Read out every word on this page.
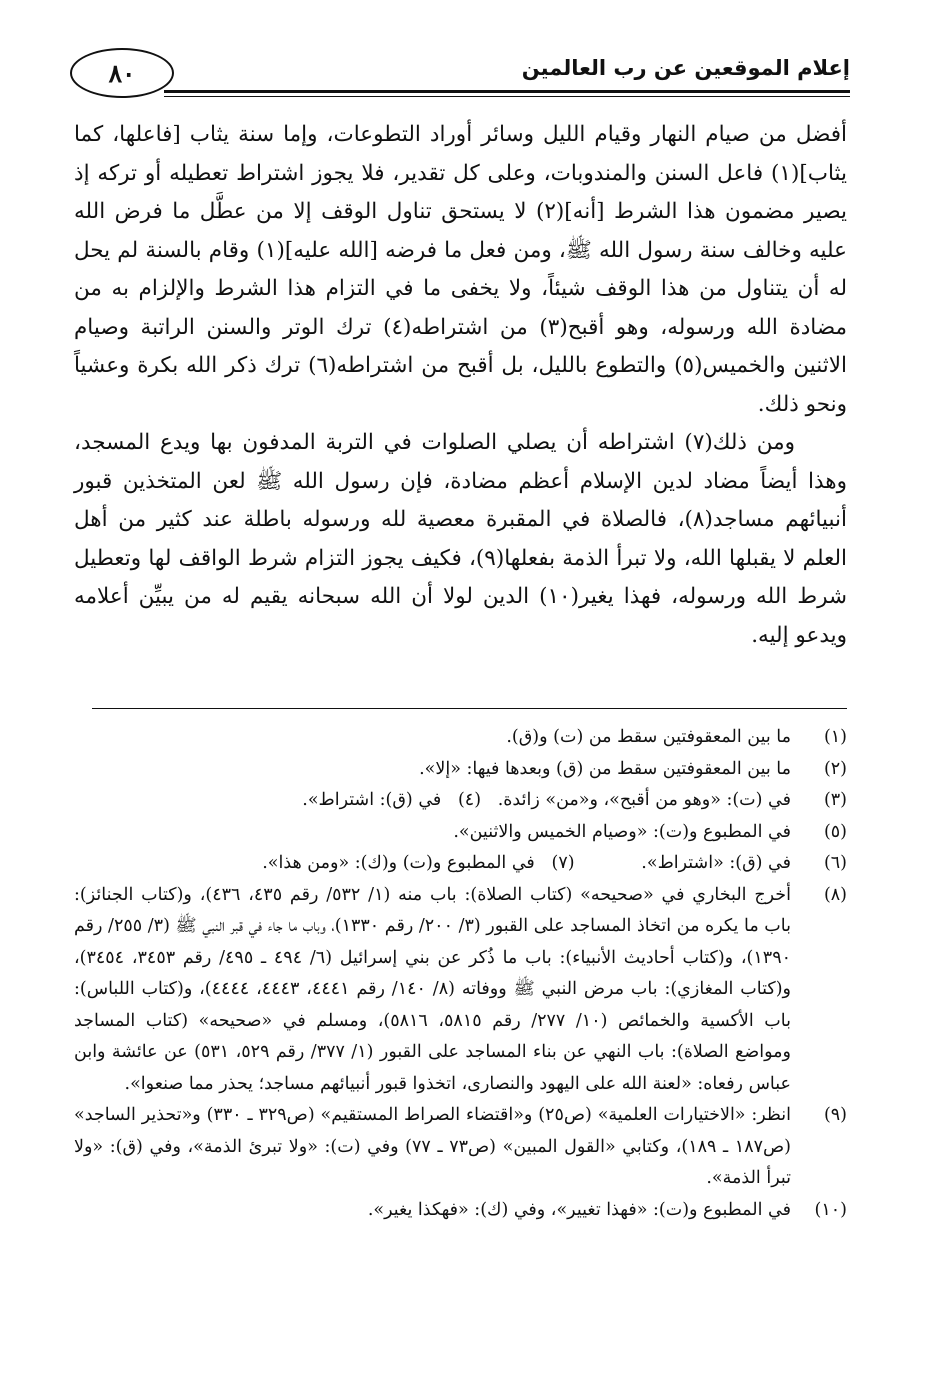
٨٠	إعلام الموقعين عن رب العالمين

أفضل من صيام النهار وقيام الليل وسائر أوراد التطوعات، وإما سنة يثاب [فاعلها، كما يثاب](١) فاعل السنن والمندوبات، وعلى كل تقدير، فلا يجوز اشتراط تعطيله أو تركه إذ يصير مضمون هذا الشرط [أنه](٢) لا يستحق تناول الوقف إلا من عطَّل ما فرض الله عليه وخالف سنة رسول الله ﷺ، ومن فعل ما فرضه [الله عليه](١) وقام بالسنة لم يحل له أن يتناول من هذا الوقف شيئاً، ولا يخفى ما في التزام هذا الشرط والإلزام به من مضادة الله ورسوله، وهو أقبح(٣) من اشتراطه(٤) ترك الوتر والسنن الراتبة وصيام الاثنين والخميس(٥) والتطوع بالليل، بل أقبح من اشتراطه(٦) ترك ذكر الله بكرة وعشياً ونحو ذلك.

ومن ذلك(٧) اشتراطه أن يصلي الصلوات في التربة المدفون بها ويدع المسجد، وهذا أيضاً مضاد لدين الإسلام أعظم مضادة، فإن رسول الله ﷺ لعن المتخذين قبور أنبيائهم مساجد(٨)، فالصلاة في المقبرة معصية لله ورسوله باطلة عند كثير من أهل العلم لا يقبلها الله، ولا تبرأ الذمة بفعلها(٩)، فكيف يجوز التزام شرط الواقف لها وتعطيل شرط الله ورسوله، فهذا يغير(١٠) الدين لولا أن الله سبحانه يقيم له من يبيِّن أعلامه ويدعو إليه.

(١)
ما بين المعقوفتين سقط من (ت) و(ق).
(٢)
ما بين المعقوفتين سقط من (ق) وبعدها فيها: «إلا».
(٣)
في (ت): «وهو من أقبح»، و«من» زائدة.   (٤)   في (ق): اشتراط».
(٥)
في المطبوع و(ت): «وصيام الخميس والاثنين».
(٦)
في (ق): «اشتراط».            (٧)   في المطبوع و(ت) و(ك): «ومن هذا».
(٨)
أخرج البخاري في «صحيحه» (كتاب الصلاة): باب منه (١/ ٥٣٢/ رقم ٤٣٥، ٤٣٦)، و(كتاب الجنائز): باب ما يكره من اتخاذ المساجد على القبور (٣/ ٢٠٠/ رقم ١٣٣٠)، وباب ما جاء في قبر النبي ﷺ (٣/ ٢٥٥/ رقم ١٣٩٠)، و(كتاب أحاديث الأنبياء): باب ما ذُكر عن بني إسرائيل (٦/ ٤٩٤ ـ ٤٩٥/ رقم ٣٤٥٣، ٣٤٥٤)، و(كتاب المغازي): باب مرض النبي ﷺ ووفاته (٨/ ١٤٠/ رقم ٤٤٤١، ٤٤٤٣، ٤٤٤٤)، و(كتاب اللباس): باب الأكسية والخمائص (١٠/ ٢٧٧/ رقم ٥٨١٥، ٥٨١٦)، ومسلم في «صحيحه» (كتاب المساجد ومواضع الصلاة): باب النهي عن بناء المساجد على القبور (١/ ٣٧٧/ رقم ٥٢٩، ٥٣١) عن عائشة وابن عباس رفعاه: «لعنة الله على اليهود والنصارى، اتخذوا قبور أنبيائهم مساجد؛ يحذر مما صنعوا».
(٩)
انظر: «الاختيارات العلمية» (ص٢٥) و«اقتضاء الصراط المستقيم» (ص٣٢٩ ـ ٣٣٠) و«تحذير الساجد» (ص١٨٧ ـ ١٨٩)، وكتابي «القول المبين» (ص٧٣ ـ ٧٧) وفي (ت): «ولا تبرئ الذمة»، وفي (ق): «ولا تبرأ الذمة».
(١٠)
في المطبوع و(ت): «فهذا تغيير»، وفي (ك): «فهكذا يغير».
